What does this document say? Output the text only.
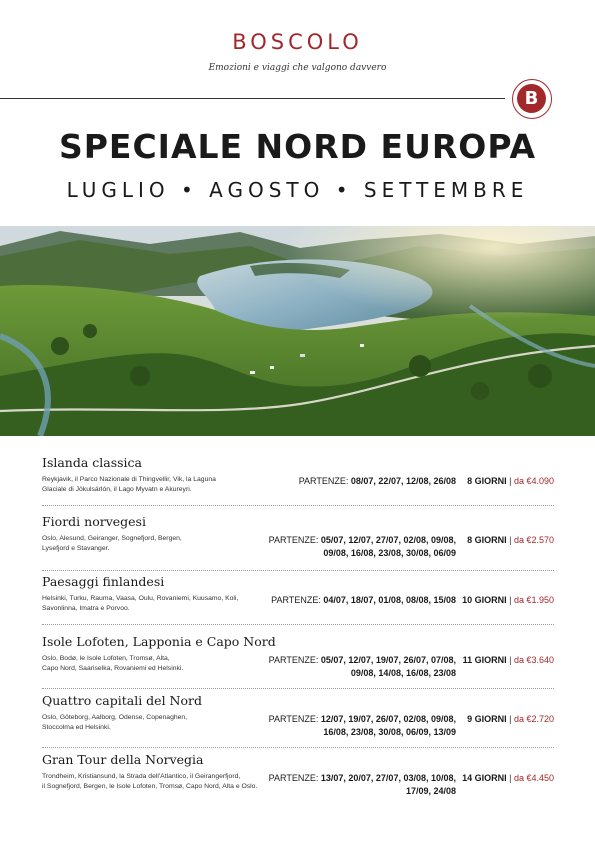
BOSCOLO
Emozioni e viaggi che valgono davvero
B
SPECIALE NORD EUROPA
LUGLIO • AGOSTO • SETTEMBRE
Islanda classica
Reykjavik, il Parco Nazionale di Thingvellir, Vik, la Laguna
Glaciale di Jökulsárlón, il Lago Myvatn e Akureyri.
PARTENZE: 08/07, 22/07, 12/08, 26/08	8 GIORNI | da €4.090
Fiordi norvegesi
Oslo, Alesund, Geiranger, Sognefjord, Bergen,
Lysefjord e Stavanger.
PARTENZE: 05/07, 12/07, 27/07, 02/08, 09/08,
09/08, 16/08, 23/08, 30/08, 06/09
8 GIORNI | da €2.570
Paesaggi finlandesi
Helsinki, Turku, Rauma, Vaasa, Oulu, Rovaniemi, Kuusamo, Koli,
Savonlinna, Imatra e Porvoo.
PARTENZE: 04/07, 18/07, 01/08, 08/08, 15/08 10 GIORNI | da €1.950
Isole Lofoten, Lapponia e Capo Nord
Oslo, Bodø, le Isole Lofoten, Tromsø, Alta,
Capo Nord, Saariselka, Rovaniemi ed Helsinki.
PARTENZE: 05/07, 12/07, 19/07, 26/07, 07/08,
09/08, 14/08, 16/08, 23/08
11 GIORNI | da €3.640
Quattro capitali del Nord
Oslo, Göteborg, Aalborg, Odense, Copenaghen,
Stoccolma ed Helsinki.
PARTENZE: 12/07, 19/07, 26/07, 02/08, 09/08,
16/08, 23/08, 30/08, 06/09, 13/09
9 GIORNI | da €2.720
Gran Tour della Norvegia
Trondheim, Kristiansund, la Strada dell'Atlantico, il Geirangerfjord,
il Sognefjord, Bergen, le Isole Lofoten, Tromsø, Capo Nord, Alta e Oslo.
PARTENZE: 13/07, 20/07, 27/07, 03/08, 10/08,
17/09, 24/08
14 GIORNI | da €4.450
